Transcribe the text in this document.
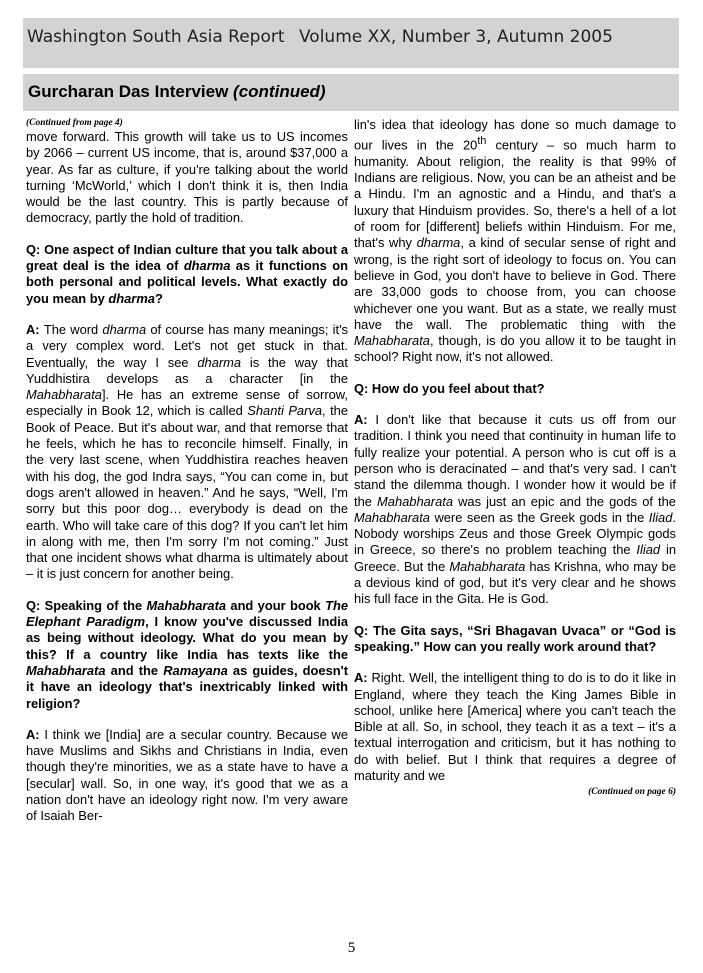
Washington South Asia Report Volume XX, Number 3, Autumn 2005
Gurcharan Das Interview (continued)
(Continued from page 4)

move forward. This growth will take us to US incomes by 2066 – current US income, that is, around $37,000 a year. As far as culture, if you're talking about the world turning ‘McWorld,’ which I don't think it is, then India would be the last country. This is partly because of democracy, partly the hold of tradition.

Q: One aspect of Indian culture that you talk about a great deal is the idea of dharma as it functions on both personal and political levels. What exactly do you mean by dharma?

A: The word dharma of course has many meanings; it's a very complex word. Let's not get stuck in that. Eventually, the way I see dharma is the way that Yuddhistira develops as a character [in the Mahabharata]. He has an extreme sense of sorrow, especially in Book 12, which is called Shanti Parva, the Book of Peace. But it's about war, and that remorse that he feels, which he has to reconcile himself. Finally, in the very last scene, when Yuddhistira reaches heaven with his dog, the god Indra says, “You can come in, but dogs aren't allowed in heaven.” And he says, “Well, I'm sorry but this poor dog… everybody is dead on the earth. Who will take care of this dog? If you can't let him in along with me, then I'm sorry I'm not coming.” Just that one incident shows what dharma is ultimately about – it is just concern for another being.

Q: Speaking of the Mahabharata and your book The Elephant Paradigm, I know you've discussed India as being without ideology. What do you mean by this? If a country like India has texts like the Mahabharata and the Ramayana as guides, doesn't it have an ideology that's inextricably linked with religion?

A: I think we [India] are a secular country. Because we have Muslims and Sikhs and Christians in India, even though they're minorities, we as a state have to have a [secular] wall. So, in one way, it's good that we as a nation don't have an ideology right now. I'm very aware of Isaiah Ber-

lin's idea that ideology has done so much damage to our lives in the 20th century – so much harm to humanity. About religion, the reality is that 99% of Indians are religious. Now, you can be an atheist and be a Hindu. I'm an agnostic and a Hindu, and that's a luxury that Hinduism provides. So, there's a hell of a lot of room for [different] beliefs within Hinduism. For me, that's why dharma, a kind of secular sense of right and wrong, is the right sort of ideology to focus on. You can believe in God, you don't have to believe in God. There are 33,000 gods to choose from, you can choose whichever one you want. But as a state, we really must have the wall. The problematic thing with the Mahabharata, though, is do you allow it to be taught in school? Right now, it's not allowed.

Q: How do you feel about that?

A: I don't like that because it cuts us off from our tradition. I think you need that continuity in human life to fully realize your potential. A person who is cut off is a person who is deracinated – and that's very sad. I can't stand the dilemma though. I wonder how it would be if the Mahabharata was just an epic and the gods of the Mahabharata were seen as the Greek gods in the Iliad. Nobody worships Zeus and those Greek Olympic gods in Greece, so there's no problem teaching the Iliad in Greece. But the Mahabharata has Krishna, who may be a devious kind of god, but it's very clear and he shows his full face in the Gita. He is God.

Q: The Gita says, “Sri Bhagavan Uvaca” or “God is speaking.” How can you really work around that?

A: Right. Well, the intelligent thing to do is to do it like in England, where they teach the King James Bible in school, unlike here [America] where you can't teach the Bible at all. So, in school, they teach it as a text – it's a textual interrogation and criticism, but it has nothing to do with belief. But I think that requires a degree of maturity and we

(Continued on page 6)
5
